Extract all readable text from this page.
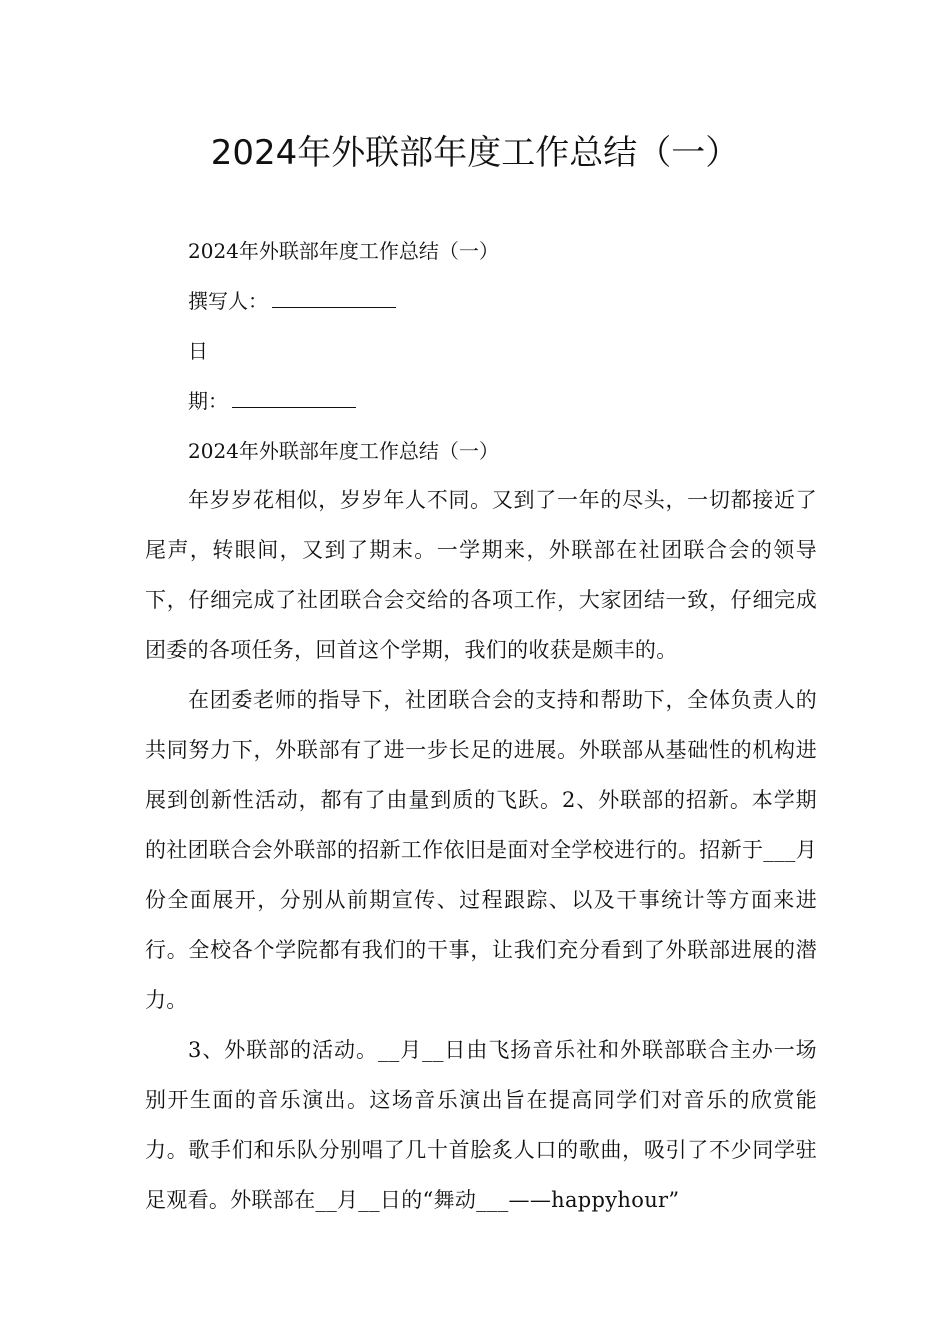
2024年外联部年度工作总结（一）

2024年外联部年度工作总结（一）

撰写人：

日

期：

2024年外联部年度工作总结（一）

年岁岁花相似，岁岁年人不同。又到了一年的尽头，一切都接近了尾声，转眼间，又到了期末。一学期来，外联部在社团联合会的领导下，仔细完成了社团联合会交给的各项工作，大家团结一致，仔细完成团委的各项任务，回首这个学期，我们的收获是颇丰的。

在团委老师的指导下，社团联合会的支持和帮助下，全体负责人的共同努力下，外联部有了进一步长足的进展。外联部从基础性的机构进展到创新性活动，都有了由量到质的飞跃。2、外联部的招新。本学期的社团联合会外联部的招新工作依旧是面对全学校进行的。招新于___月份全面展开，分别从前期宣传、过程跟踪、以及干事统计等方面来进行。全校各个学院都有我们的干事，让我们充分看到了外联部进展的潜力。

3、外联部的活动。__月__日由飞扬音乐社和外联部联合主办一场别开生面的音乐演出。这场音乐演出旨在提高同学们对音乐的欣赏能力。歌手们和乐队分别唱了几十首脍炙人口的歌曲，吸引了不少同学驻足观看。外联部在__月__日的“舞动___——happyhour”
